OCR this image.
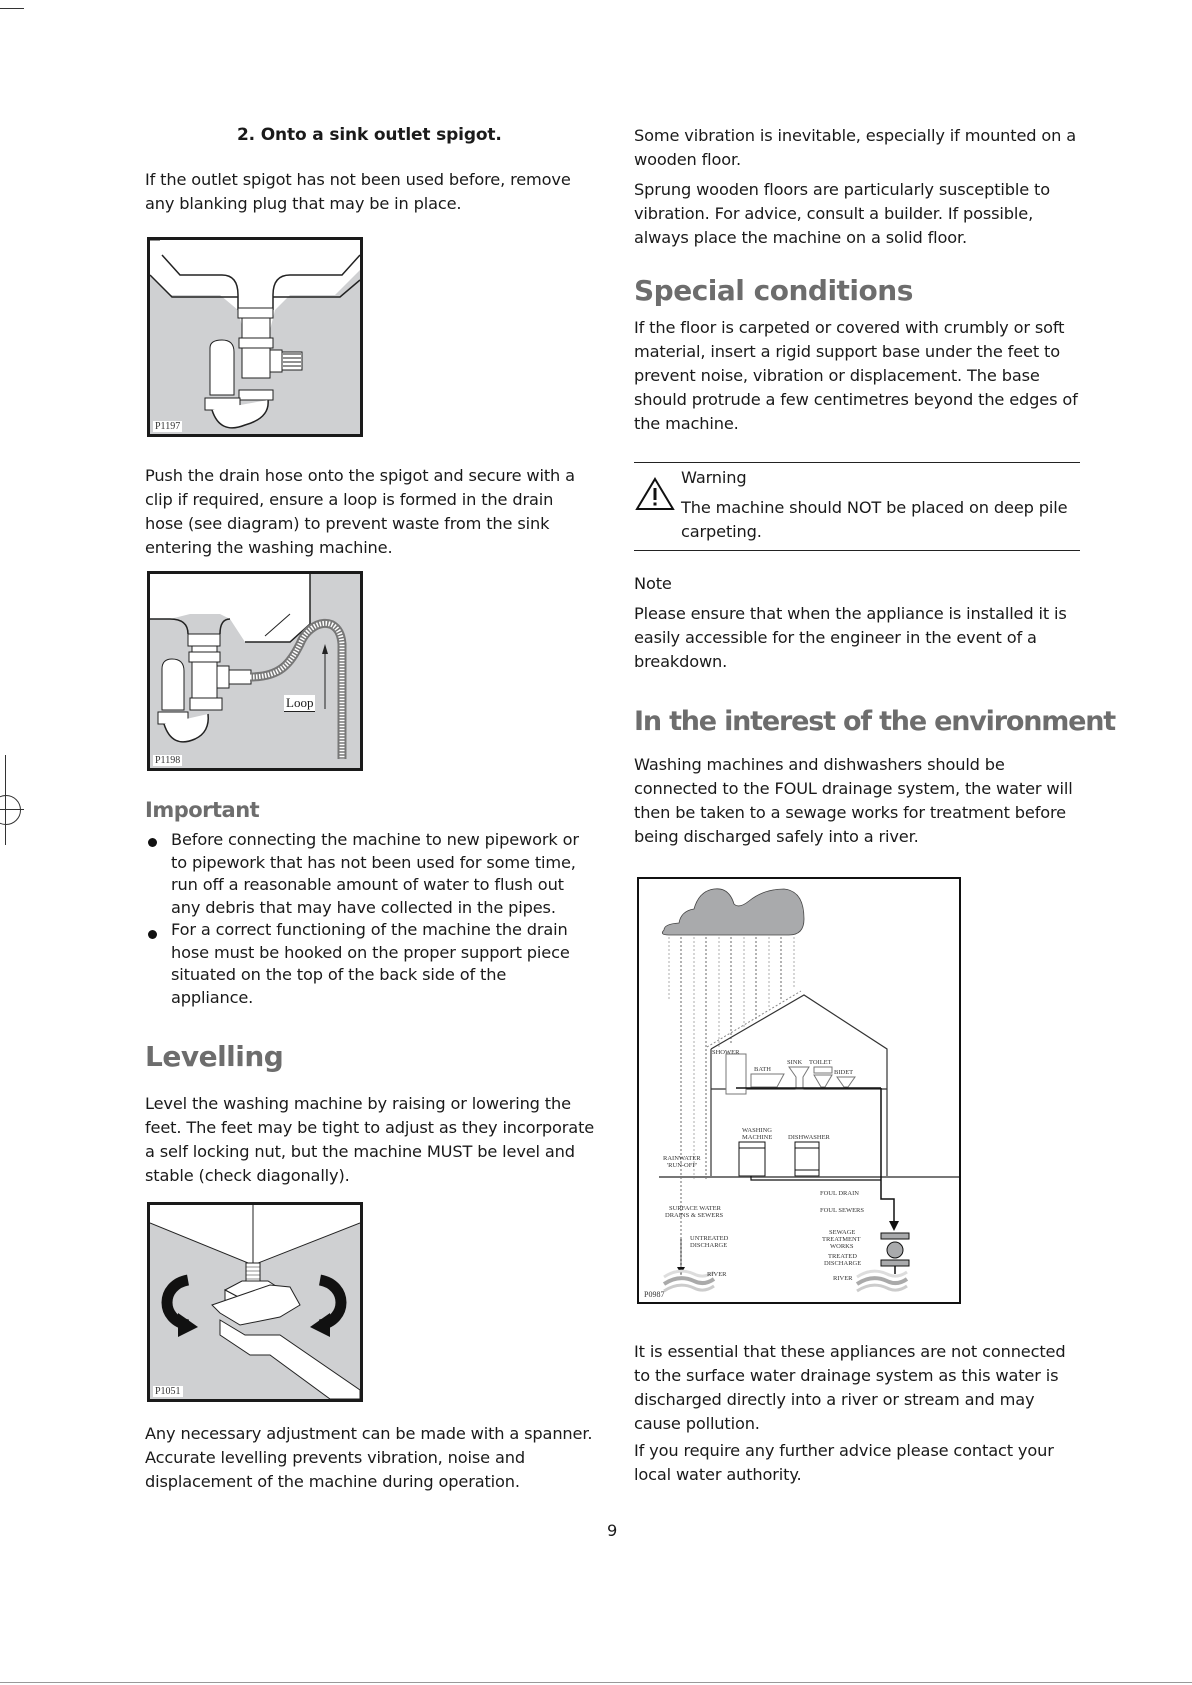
2. Onto a sink outlet spigot.
If the outlet spigot has not been used before, remove any blanking plug that may be in place.
P1197
Push the drain hose onto the spigot and secure with a clip if required, ensure a loop is formed in the drain hose (see diagram) to prevent waste from the sink entering the washing machine.
Loop
P1198
Important
Before connecting the machine to new pipework or to pipework that has not been used for some time, run off a reasonable amount of water to flush out any debris that may have collected in the pipes.
For a correct functioning of the machine the drain hose must be hooked on the proper support piece situated on the top of the back side of the appliance.
Levelling
Level the washing machine by raising or lowering the feet. The feet may be tight to adjust as they incorporate a self locking nut, but the machine MUST be level and stable (check diagonally).
P1051
Any necessary adjustment can be made with a spanner. Accurate levelling prevents vibration, noise and displacement of the machine during operation.
Some vibration is inevitable, especially if mounted on a wooden floor.
Sprung wooden floors are particularly susceptible to vibration. For advice, consult a builder. If possible, always place the machine on a solid floor.
Special conditions
If the floor is carpeted or covered with crumbly or soft material, insert a rigid support base under the feet to prevent noise, vibration or displacement. The base should protrude a few centimetres beyond the edges of the machine.
Warning
The machine should NOT be placed on deep pile carpeting.
Note
Please ensure that when the appliance is installed it is easily accessible for the engineer in the event of a breakdown.
In the interest of the environment
Washing machines and dishwashers should be connected to the FOUL drainage system, the water will then be taken to a sewage works for treatment before being discharged safely into a river.
SHOWER
BATH
SINK TOILET
BIDET
WASHING
MACHINE DISHWASHER
RAINWATER
'RUN-OFF'
FOUL DRAIN
FOUL SEWERS
SURFACE WATER
DRAINS & SEWERS
UNTREATED
DISCHARGE
SEWAGE
TREATMENT
WORKS
TREATED
DISCHARGE
RIVER
RIVER
P0987
It is essential that these appliances are not connected to the surface water drainage system as this water is discharged directly into a river or stream and may cause pollution.
If you require any further advice please contact your local water authority.
9
